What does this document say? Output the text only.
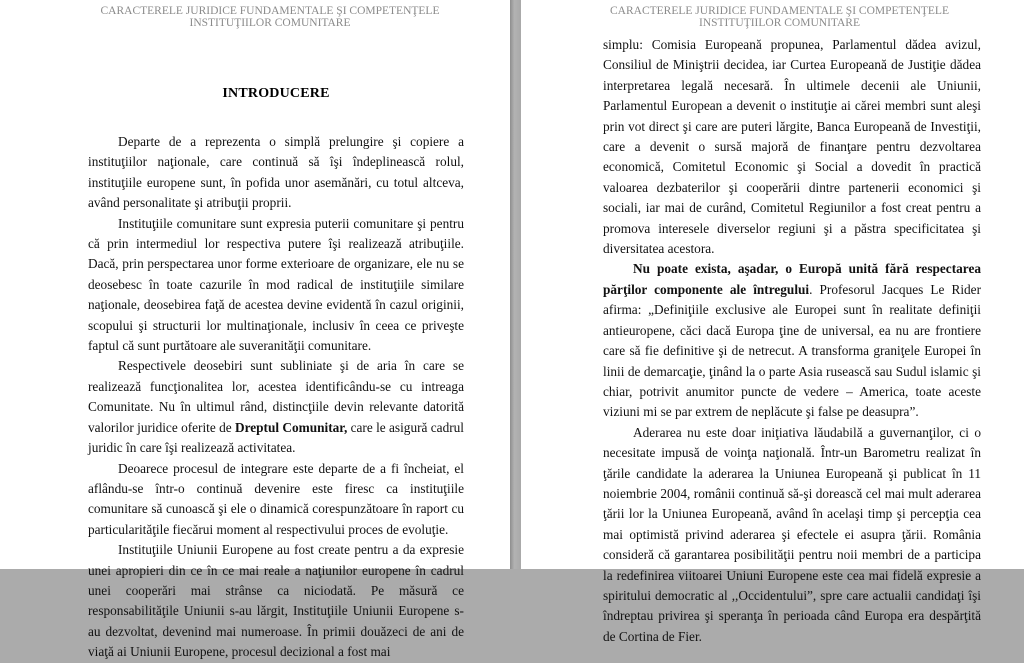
CARACTERELE JURIDICE FUNDAMENTALE ŞI COMPETENŢELE
INSTITUŢIILOR COMUNITARE
INTRODUCERE

Departe de a reprezenta o simplă prelungire şi copiere a instituţiilor naţionale, care continuă să îşi îndeplinească rolul, instituţiile europene sunt, în pofida unor asemănări, cu totul altceva, având personalitate şi atribuţii proprii.

Instituţiile comunitare sunt expresia puterii comunitare şi pentru că prin intermediul lor respectiva putere îşi realizează atribuţiile. Dacă, prin perspectarea unor forme exterioare de organizare, ele nu se deosebesc în toate cazurile în mod radical de instituţiile similare naţionale, deosebirea faţă de acestea devine evidentă în cazul originii, scopului şi structurii lor multinaţionale, inclusiv în ceea ce priveşte faptul că sunt purtătoare ale suveranităţii comunitare.

Respectivele deosebiri sunt subliniate şi de aria în care se realizează funcţionalitea lor, acestea identificându-se cu intreaga Comunitate. Nu în ultimul rând, distincţiile devin relevante datorită valorilor juridice oferite de Dreptul Comunitar, care le asigură cadrul juridic în care îşi realizează activitatea.

Deoarece procesul de integrare este departe de a fi încheiat, el aflându-se într-o continuă devenire este firesc ca instituţiile comunitare să cunoască şi ele o dinamică corespunzătoare în raport cu particularităţile fiecărui moment al respectivului proces de evoluţie.

Instituţiile Uniunii Europene au fost create pentru a da expresie unei apropieri din ce în ce mai reale a naţiunilor europene în cadrul unei cooperări mai strânse ca niciodată. Pe măsură ce responsabilităţile Uniunii s-au lărgit, Instituţiile Uniunii Europene s-au dezvoltat, devenind mai numeroase. În primii douăzeci de ani de viaţă ai Uniunii Europene, procesul decizional a fost mai

CARACTERELE JURIDICE FUNDAMENTALE ŞI COMPETENŢELE
INSTITUŢIILOR COMUNITARE

simplu: Comisia Europeană propunea, Parlamentul dădea avizul, Consiliul de Miniştrii decidea, iar Curtea Europeană de Justiţie dădea interpretarea legală necesară. În ultimele decenii ale Uniunii, Parlamentul European a devenit o instituţie ai cărei membri sunt aleşi prin vot direct şi care are puteri lărgite, Banca Europeană de Investiţii, care a devenit o sursă majoră de finanţare pentru dezvoltarea economică, Comitetul Economic şi Social a dovedit în practică valoarea dezbaterilor şi cooperării dintre partenerii economici şi sociali, iar mai de curând, Comitetul Regiunilor a fost creat pentru a promova interesele diverselor regiuni şi a păstra specificitatea şi diversitatea acestora.

Nu poate exista, aşadar, o Europă unită fără respectarea părţilor componente ale întregului. Profesorul Jacques Le Rider afirma: „Definiţiile exclusive ale Europei sunt în realitate definiţii antieuropene, căci dacă Europa ţine de universal, ea nu are frontiere care să fie definitive şi de netrecut. A transforma graniţele Europei în linii de demarcaţie, ţinând la o parte Asia rusească sau Sudul islamic şi chiar, potrivit anumitor puncte de vedere – America, toate aceste viziuni mi se par extrem de neplăcute şi false pe deasupra”.

Aderarea nu este doar iniţiativa lăudabilă a guvernanţilor, ci o necesitate impusă de voinţa naţională. Într-un Barometru realizat în ţările candidate la aderarea la Uniunea Europeană şi publicat în 11 noiembrie 2004, românii continuă să-şi dorească cel mai mult aderarea ţării lor la Uniunea Europeană, având în acelaşi timp şi percepţia cea mai optimistă privind aderarea şi efectele ei asupra ţării. România consideră că garantarea posibilităţii pentru noii membri de a participa la redefinirea viitoarei Uniuni Europene este cea mai fidelă expresie a spiritului democratic al ,,Occidentului”, spre care actualii candidaţi îşi îndreptau privirea şi speranţa în perioada când Europa era despărţită de Cortina de Fier.
